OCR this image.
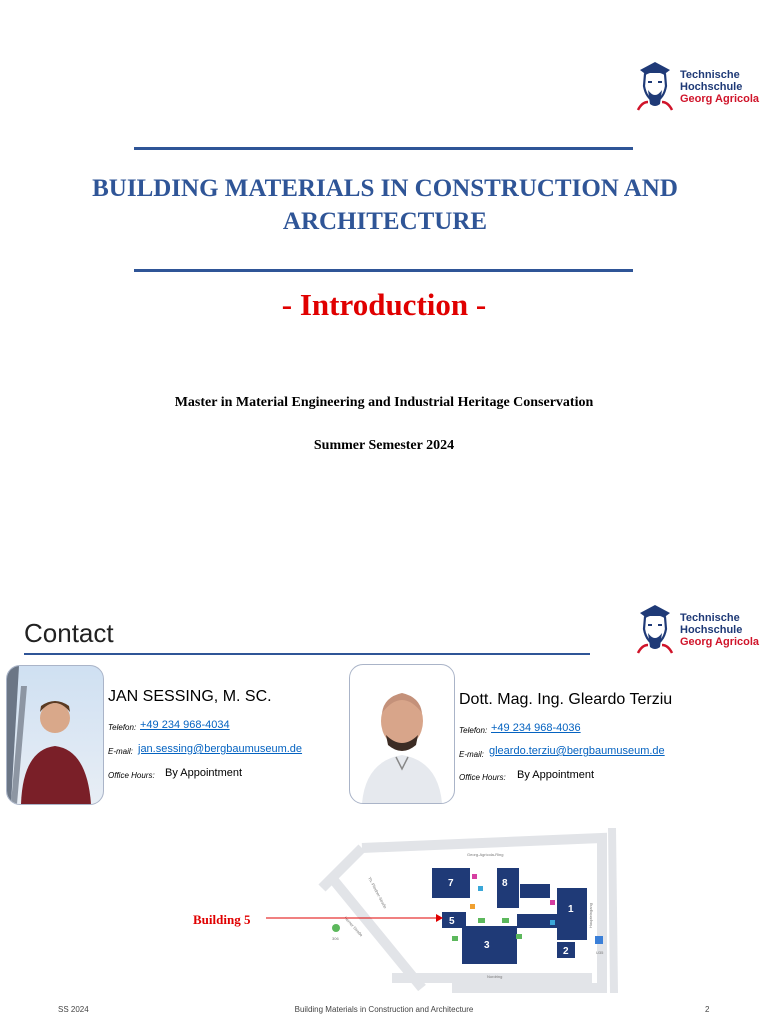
Technische
Hochschule
Georg Agricola
BUILDING MATERIALS IN CONSTRUCTION AND
ARCHITECTURE
- Introduction -
Master in Material Engineering and Industrial Heritage Conservation
Summer Semester 2024
Contact	Technische
Hochschule
Georg Agricola
JAN SESSING, M. SC.
Telefon: +49 234 968-4034
E-mail: jan.sessing@bergbaumuseum.de
Office Hours: By Appointment
Dott. Mag. Ing. Gleardo Terziu
Telefon: +49 234 968-4036
E-mail: gleardo.terziu@bergbaumuseum.de
Office Hours: By Appointment
7	8
1
5
3
2
Georg-Agricola-Ring
Nordring
Th.-Fliedner-Straße
Herner Straße	Haupteingang
306
U35
Building 5
SS 2024	Building Materials in Construction and Architecture	2
